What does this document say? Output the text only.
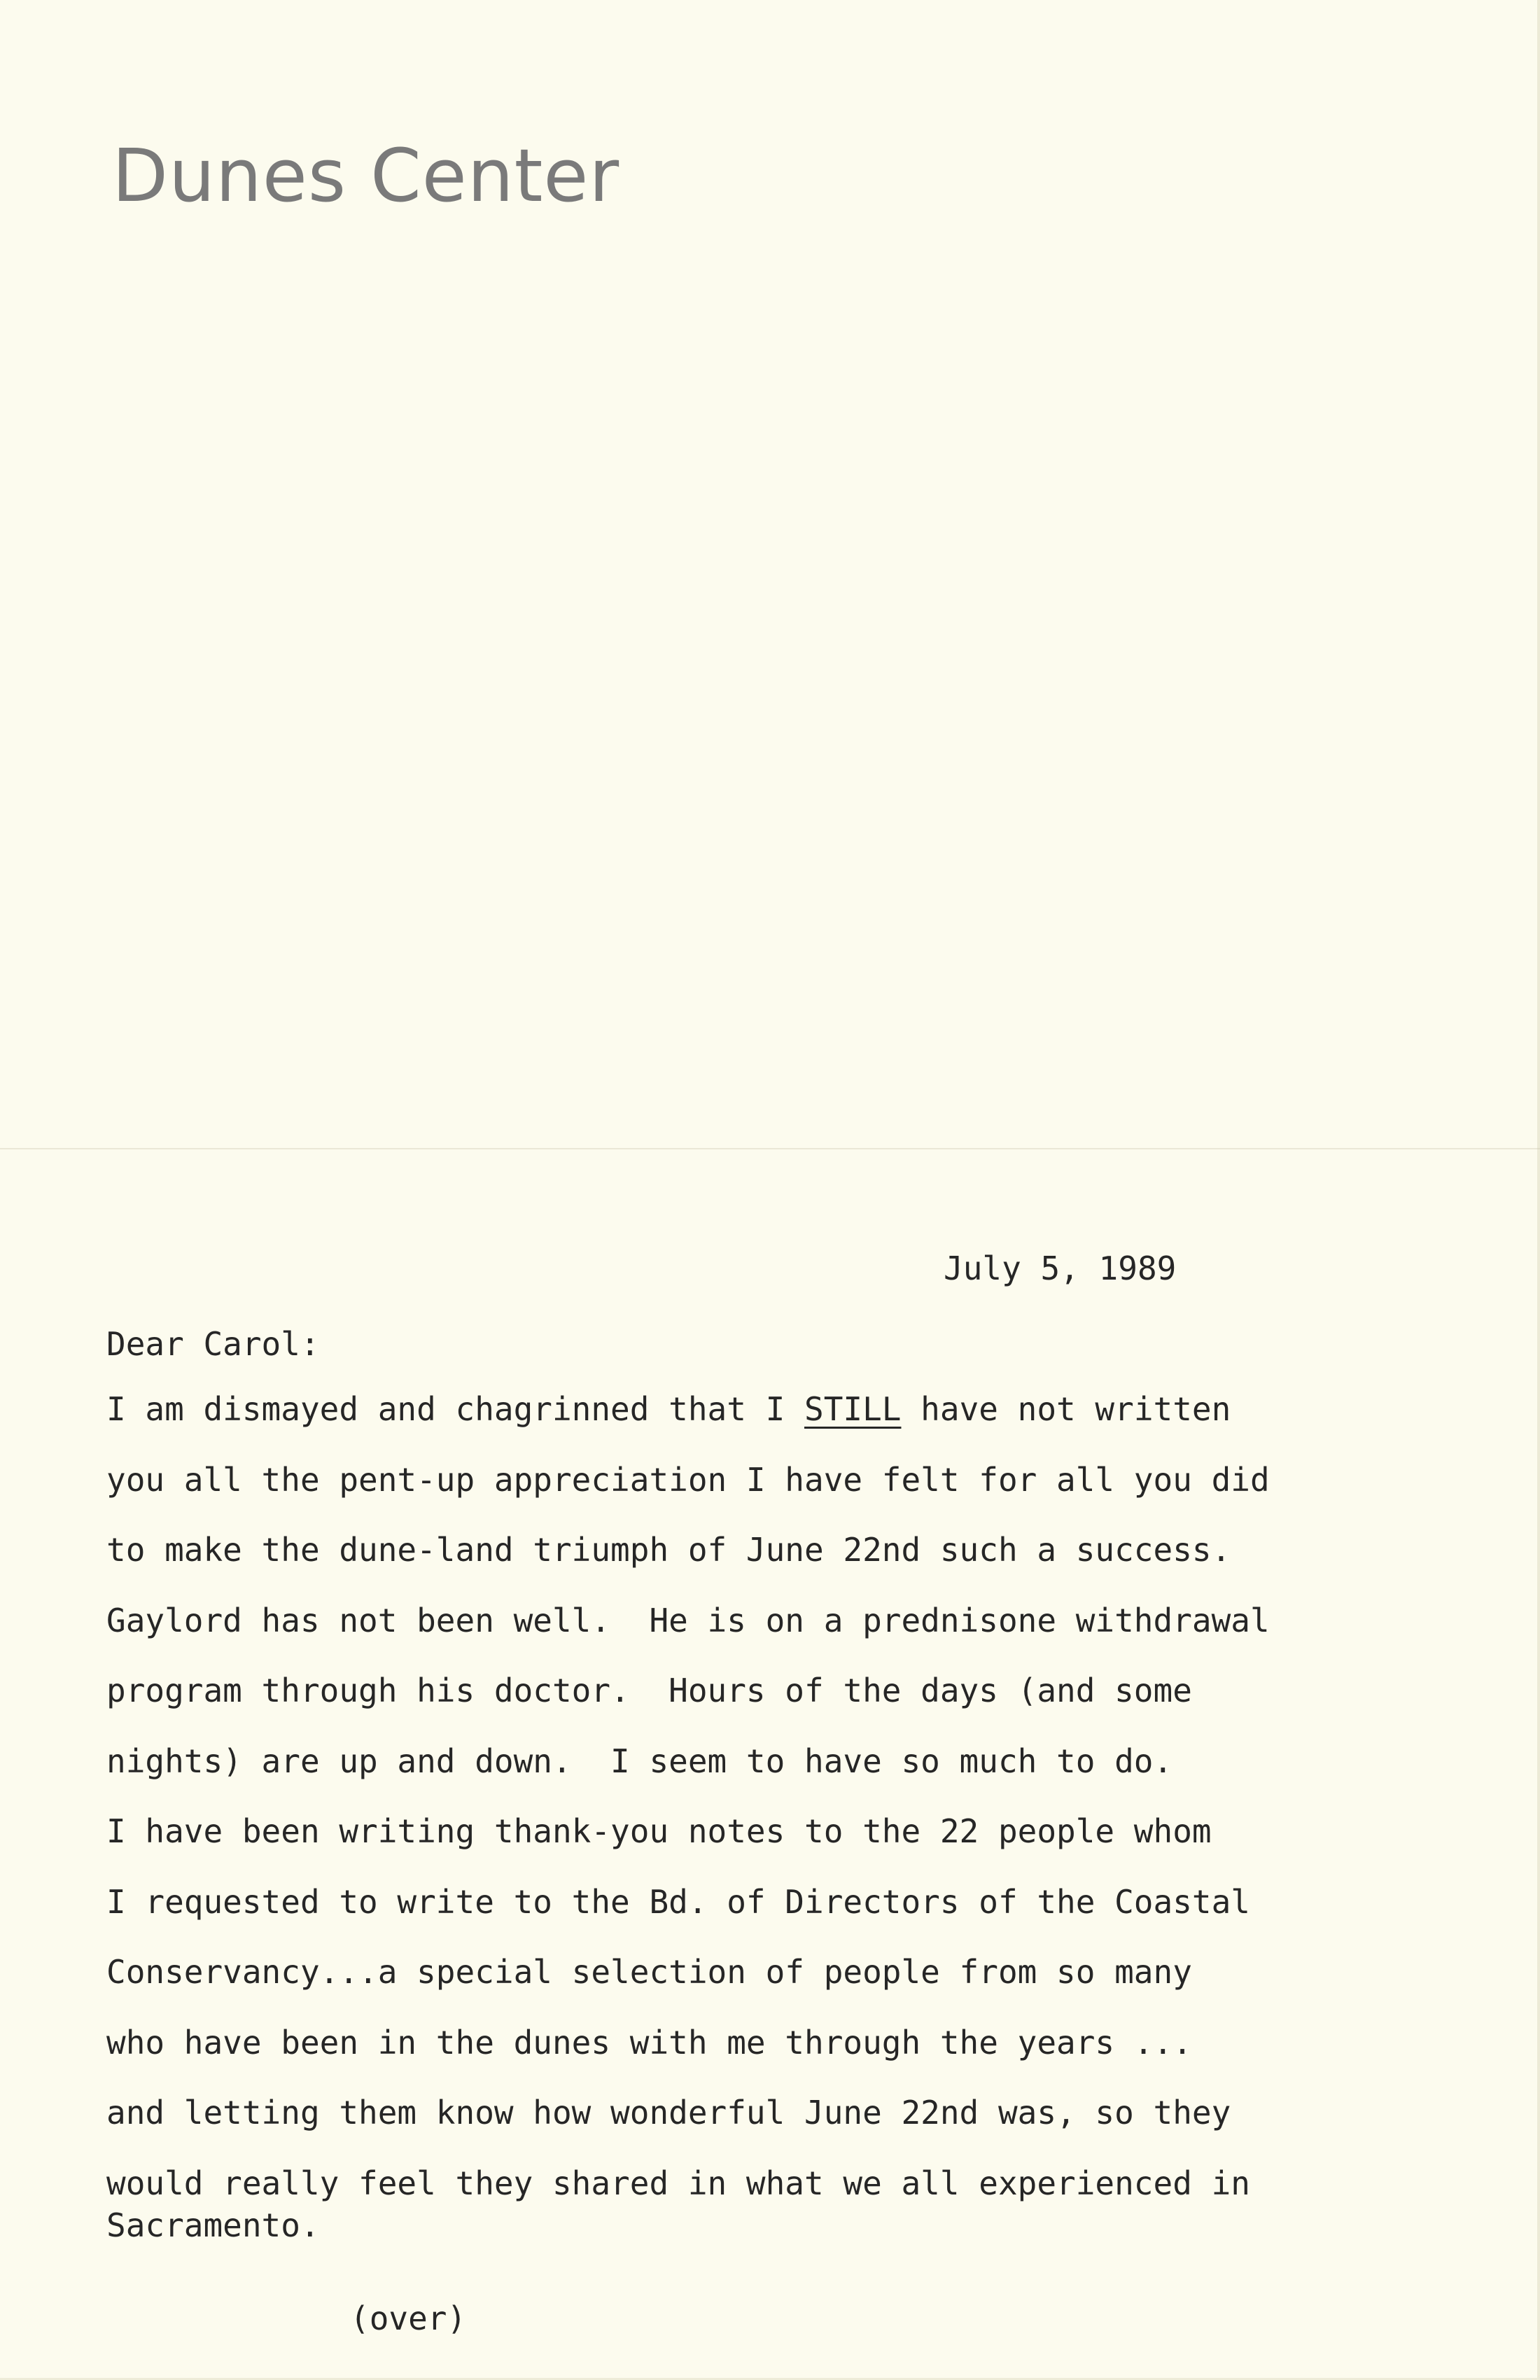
Dunes Center
July 5, 1989
Dear Carol:
I am dismayed and chagrinned that I STILL have not written
you all the pent-up appreciation I have felt for all you did
to make the dune-land triumph of June 22nd such a success.
Gaylord has not been well.  He is on a prednisone withdrawal
program through his doctor.  Hours of the days (and some
nights) are up and down.  I seem to have so much to do.
I have been writing thank-you notes to the 22 people whom
I requested to write to the Bd. of Directors of the Coastal
Conservancy...a special selection of people from so many
who have been in the dunes with me through the years ...
and letting them know how wonderful June 22nd was, so they
would really feel they shared in what we all experienced in
Sacramento.
(over)
